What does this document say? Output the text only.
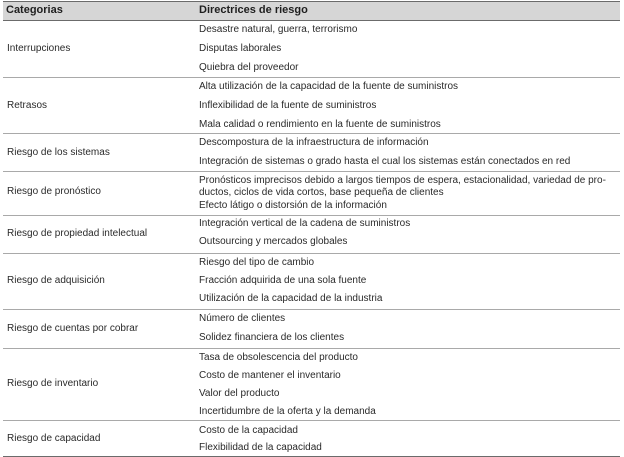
Categorias	Directrices de riesgo
Interrupciones
Desastre natural, guerra, terrorismo
Disputas laborales
Quiebra del proveedor
Retrasos
Alta utilización de la capacidad de la fuente de suministros
Inflexibilidad de la fuente de suministros
Mala calidad o rendimiento en la fuente de suministros
Riesgo de los sistemas
Descompostura de la infraestructura de información
Integración de sistemas o grado hasta el cual los sistemas están conectados en red
Riesgo de pronóstico
Pronósticos imprecisos debido a largos tiempos de espera, estacionalidad, variedad de pro-
ductos, ciclos de vida cortos, base pequeña de clientes
Efecto látigo o distorsión de la información
Riesgo de propiedad intelectual
Integración vertical de la cadena de suministros
Outsourcing y mercados globales
Riesgo de adquisición
Riesgo del tipo de cambio
Fracción adquirida de una sola fuente
Utilización de la capacidad de la industria
Riesgo de cuentas por cobrar
Número de clientes
Solidez financiera de los clientes
Riesgo de inventario
Tasa de obsolescencia del producto
Costo de mantener el inventario
Valor del producto
Incertidumbre de la oferta y la demanda
Riesgo de capacidad
Costo de la capacidad
Flexibilidad de la capacidad
